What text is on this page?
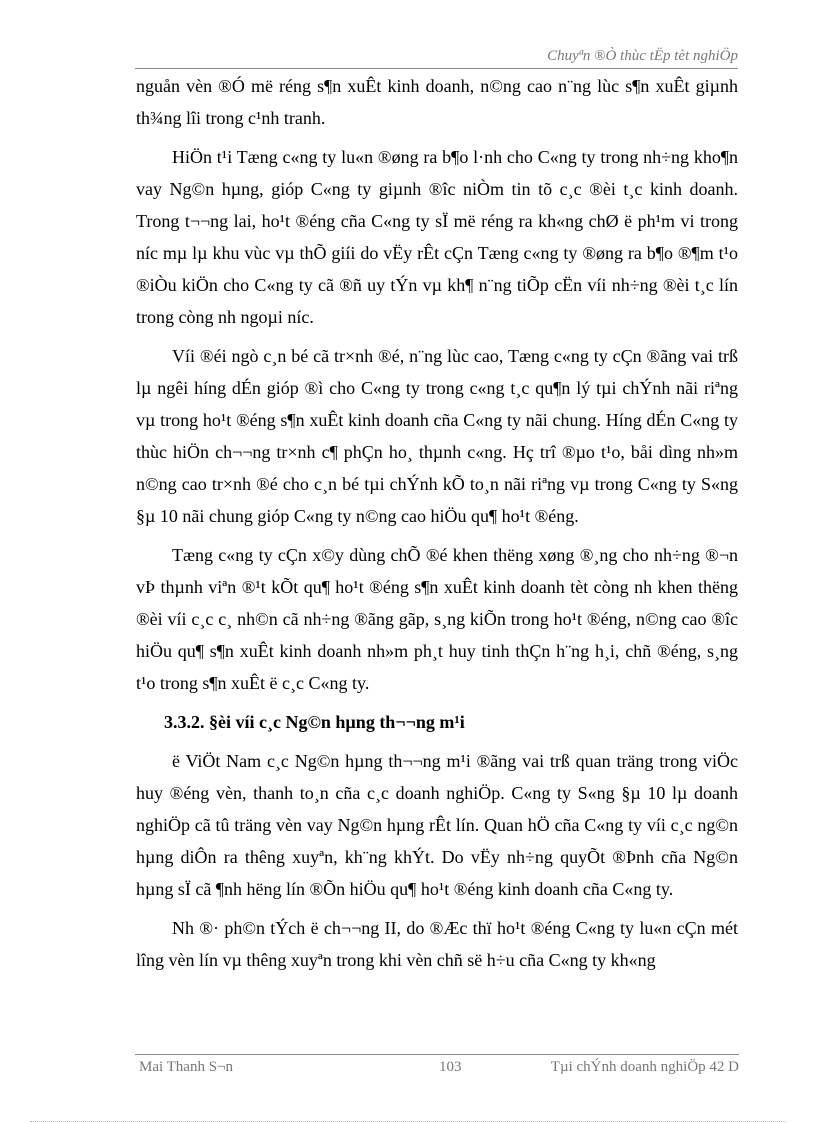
Chuyªn ®Ò thùc tËp tèt nghiÖp

nguån vèn ®Ó më réng s¶n xuÊt kinh doanh, n©ng cao n¨ng lùc s¶n xuÊt giµnh th¾ng lîi trong c¹nh tranh.

HiÖn t¹i Tæng c«ng ty lu«n ®øng ra b¶o l·nh cho C«ng ty trong nh÷ng kho¶n vay Ng©n hµng, gióp C«ng ty giµnh ®îc niÒm tin tõ c¸c ®èi t¸c kinh doanh. Trong t¬¬ng lai, ho¹t ®éng cña C«ng ty sÏ më réng ra kh«ng chØ ë ph¹m vi trong níc mµ lµ khu vùc vµ thÕ giíi do vËy rÊt cÇn Tæng c«ng ty ®øng ra b¶o ®¶m t¹o ®iÒu kiÖn cho C«ng ty cã ®ñ uy tÝn vµ kh¶ n¨ng tiÕp cËn víi nh÷ng ®èi t¸c lín trong còng nh ngoµi níc.

Víi ®éi ngò c¸n bé cã tr×nh ®é, n¨ng lùc cao, Tæng c«ng ty cÇn ®ãng vai trß lµ ngêi híng dÉn gióp ®ì cho C«ng ty trong c«ng t¸c qu¶n lý tµi chÝnh nãi riªng vµ trong ho¹t ®éng s¶n xuÊt kinh doanh cña C«ng ty nãi chung. Híng dÉn C«ng ty thùc hiÖn ch¬¬ng tr×nh c¶ phÇn ho¸ thµnh c«ng. Hç trî ®µo t¹o, båi dìng nh»m n©ng cao tr×nh ®é cho c¸n bé tµi chÝnh kÕ to¸n nãi riªng vµ trong C«ng ty S«ng §µ 10 nãi chung gióp C«ng ty n©ng cao hiÖu qu¶ ho¹t ®éng.

Tæng c«ng ty cÇn x©y dùng chÕ ®é khen thëng xøng ®¸ng cho nh÷ng ®¬n vÞ thµnh viªn ®¹t kÕt qu¶ ho¹t ®éng s¶n xuÊt kinh doanh tèt còng nh khen thëng ®èi víi c¸c c¸ nh©n cã nh÷ng ®ãng gãp, s¸ng kiÕn trong ho¹t ®éng, n©ng cao ®îc hiÖu qu¶ s¶n xuÊt kinh doanh nh»m ph¸t huy tinh thÇn h¨ng h¸i, chñ ®éng, s¸ng t¹o trong s¶n xuÊt ë c¸c C«ng ty.

3.3.2. §èi víi c¸c Ng©n hµng th¬¬ng m¹i

ë ViÖt Nam c¸c Ng©n hµng th¬¬ng m¹i ®ãng vai trß quan träng trong viÖc huy ®éng vèn, thanh to¸n cña c¸c doanh nghiÖp. C«ng ty S«ng §µ 10 lµ doanh nghiÖp cã tû träng vèn vay Ng©n hµng rÊt lín. Quan hÖ cña C«ng ty víi c¸c ng©n hµng diÔn ra thêng xuyªn, kh¨ng khÝt. Do vËy nh÷ng quyÕt ®Þnh cña Ng©n hµng sÏ cã ¶nh hëng lín ®Õn hiÖu qu¶ ho¹t ®éng kinh doanh cña C«ng ty.

Nh ®· ph©n tÝch ë ch¬¬ng II, do ®Æc thï ho¹t ®éng C«ng ty lu«n cÇn mét lîng vèn lín vµ thêng xuyªn trong khi vèn chñ së h÷u cña C«ng ty kh«ng

Mai Thanh S¬n	103	Tµi chÝnh doanh nghiÖp 42 D
